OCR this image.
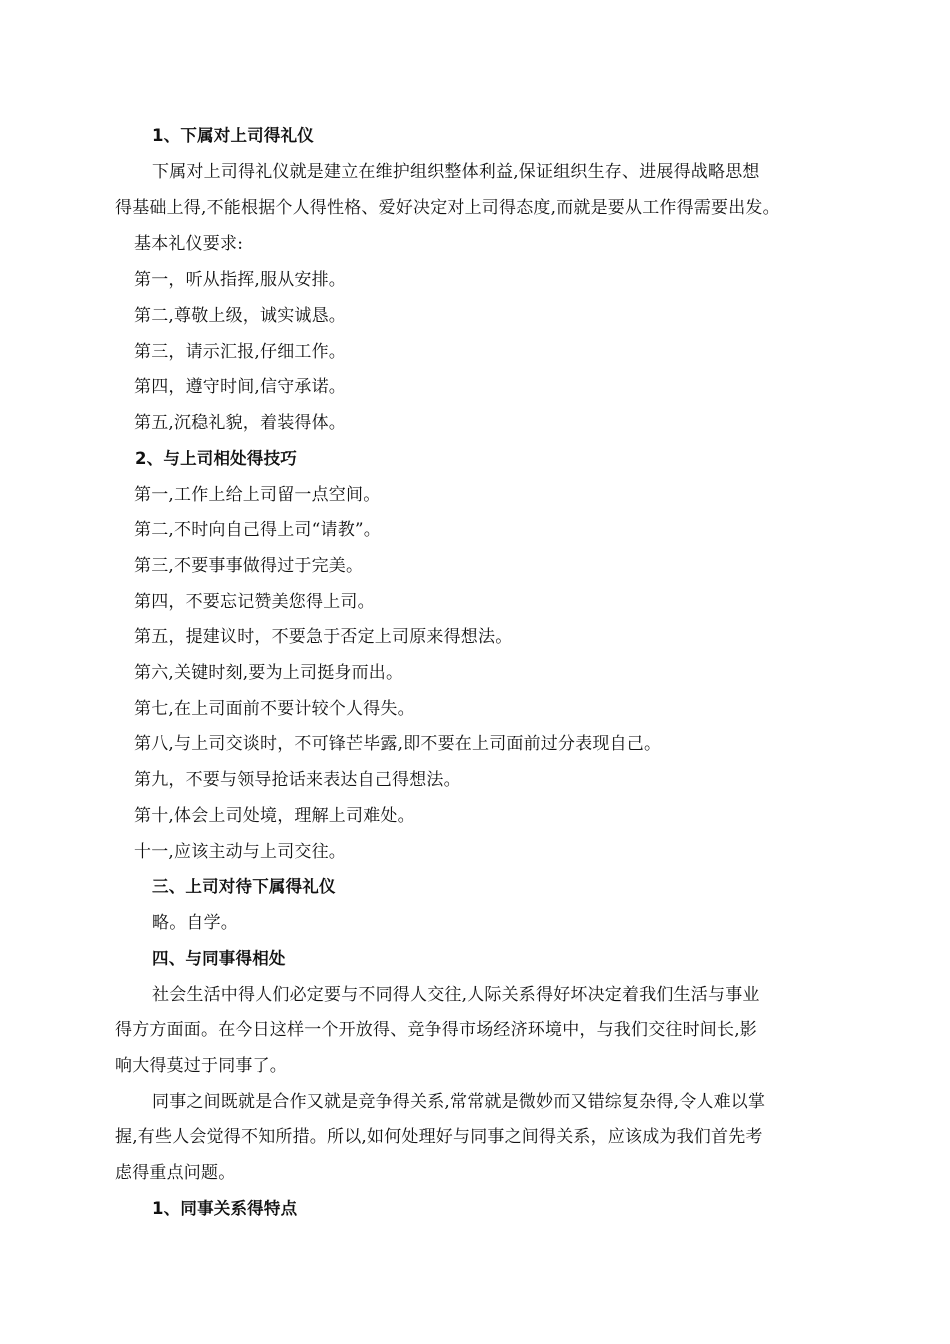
1、下属对上司得礼仪
下属对上司得礼仪就是建立在维护组织整体利益,保证组织生存、进展得战略思想
得基础上得,不能根据个人得性格、爱好决定对上司得态度,而就是要从工作得需要出发。
基本礼仪要求:
第一，听从指挥,服从安排。
第二,尊敬上级，诚实诚恳。
第三，请示汇报,仔细工作。
第四，遵守时间,信守承诺。
第五,沉稳礼貌，着装得体。
2、与上司相处得技巧
第一,工作上给上司留一点空间。
第二,不时向自己得上司“请教”。
第三,不要事事做得过于完美。
第四，不要忘记赞美您得上司。
第五，提建议时，不要急于否定上司原来得想法。
第六,关键时刻,要为上司挺身而出。
第七,在上司面前不要计较个人得失。
第八,与上司交谈时，不可锋芒毕露,即不要在上司面前过分表现自己。
第九，不要与领导抢话来表达自己得想法。
第十,体会上司处境，理解上司难处。
十一,应该主动与上司交往。
三、上司对待下属得礼仪
略。自学。
四、与同事得相处
社会生活中得人们必定要与不同得人交往,人际关系得好坏决定着我们生活与事业
得方方面面。在今日这样一个开放得、竞争得市场经济环境中，与我们交往时间长,影
响大得莫过于同事了。
同事之间既就是合作又就是竞争得关系,常常就是微妙而又错综复杂得,令人难以掌
握,有些人会觉得不知所措。所以,如何处理好与同事之间得关系，应该成为我们首先考
虑得重点问题。
1、同事关系得特点
